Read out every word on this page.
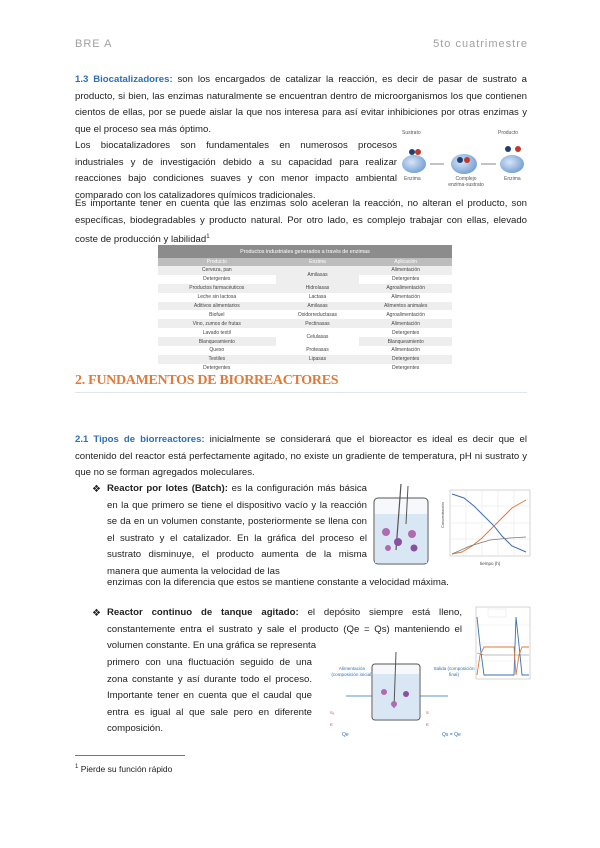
BRE A	5to cuatrimestre

1.3 Biocatalizadores: son los encargados de catalizar la reacción, es decir de pasar de sustrato a producto, si bien, las enzimas naturalmente se encuentran dentro de microorganismos los que contienen cientos de ellas, por se puede aislar la que nos interesa para así evitar inhibiciones por otras enzimas y que el proceso sea más óptimo.

Los biocatalizadores son fundamentales en numerosos procesos industriales y de investigación debido a su capacidad para realizar reacciones bajo condiciones suaves y con menor impacto ambiental comparado con los catalizadores químicos tradicionales.

Es importante tener en cuenta que las enzimas solo aceleran la reacción, no alteran el producto, son específicas, biodegradables y producto natural. Por otro lado, es complejo trabajar con ellas, elevado coste de producción y labilidad$^1$

Sustrato	Producto
Enzima	Complejo enzima-sustrato
Enzima
Productos industriales generados a través de enzimas		
Producto	Enzima	Aplicación
Cerveza, pan	Amilasas	Alimentación
Detergentes		Detergentes
Productos farmacéuticos	Hidrolasas	Agroalimentación
Leche sin lactosa	Lactasa	Alimentación
Aditivos alimentarios	Amilasas	Alimentos animales
Biofuel	Oxidorreductasas	Agroalimentación
Vino, zumos de frutas	Pectinasas	Alimentación
Lavado textil	Celulasas	Detergentes
Blanqueamiento		Blanqueamiento
Queso	Proteasas	Alimentación
Textiles	Lipasas	Detergentes
Detergentes		Detergentes
2. FUNDAMENTOS DE BIORREACTORES

2.1 Tipos de biorreactores: inicialmente se considerará que el bioreactor es ideal es decir que el contenido del reactor está perfectamente agitado, no existe un gradiente de temperatura, pH ni sustrato y que no se forman agregados moleculares.

❖ Reactor por lotes (Batch): es la configuración más básica en la que primero se tiene el dispositivo vacío y la reacción se da en un volumen constante, posteriormente se llena con el sustrato y el catalizador. En la gráfica del proceso el sustrato disminuye, el producto aumenta de la misma manera que aumenta la velocidad de las

enzimas con la diferencia que estos se mantiene constante a velocidad máxima.

Concentración
tiempo (h)
❖ Reactor continuo de tanque agitado: el depósito siempre está lleno, constantemente entra el sustrato y sale el producto (Qe = Qs) manteniendo el volumen constante. En una gráfica se representa

primero con una fluctuación seguido de una zona constante y así durante todo el proceso. Importante tener en cuenta que el caudal que entra es igual al que sale pero en diferente composición.

S₀
E
S
E
Alimentación (composición inicial)
Salida (composición final)
Qe	Qs = Qe
$^1$ Pierde su función rápido
